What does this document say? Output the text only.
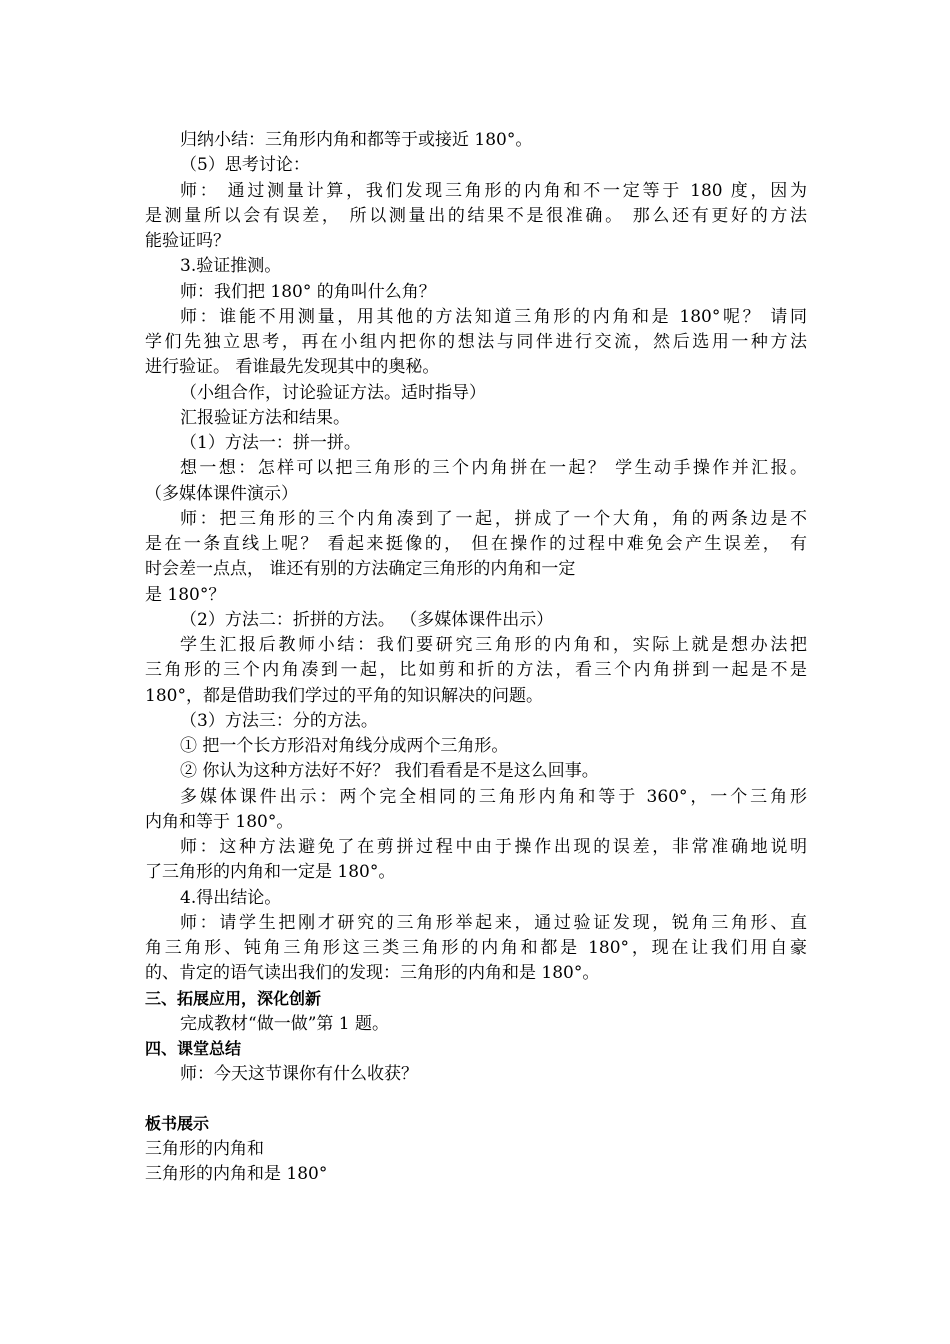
归纳小结：三角形内角和都等于或接近 180°。
（5）思考讨论：
师： 通过测量计算，我们发现三角形的内角和不一定等于 180 度，因为
是测量所以会有误差， 所以测量出的结果不是很准确。 那么还有更好的方法
能验证吗？
3.验证推测。
师：我们把 180° 的角叫什么角？
师：谁能不用测量，用其他的方法知道三角形的内角和是 180°呢？ 请同
学们先独立思考，再在小组内把你的想法与同伴进行交流，然后选用一种方法
进行验证。 看谁最先发现其中的奥秘。
（小组合作，讨论验证方法。适时指导）
汇报验证方法和结果。
（1）方法一：拼一拼。
想一想：怎样可以把三角形的三个内角拼在一起？ 学生动手操作并汇报。
（多媒体课件演示）
师：把三角形的三个内角凑到了一起，拼成了一个大角，角的两条边是不
是在一条直线上呢？ 看起来挺像的， 但在操作的过程中难免会产生误差， 有
时会差一点点， 谁还有别的方法确定三角形的内角和一定
是 180°？
（2）方法二：折拼的方法。 （多媒体课件出示）
学生汇报后教师小结：我们要研究三角形的内角和，实际上就是想办法把
三角形的三个内角凑到一起，比如剪和折的方法，看三个内角拼到一起是不是
180°，都是借助我们学过的平角的知识解决的问题。
（3）方法三：分的方法。
① 把一个长方形沿对角线分成两个三角形。
② 你认为这种方法好不好？ 我们看看是不是这么回事。
多媒体课件出示：两个完全相同的三角形内角和等于 360°，一个三角形
内角和等于 180°。
师：这种方法避免了在剪拼过程中由于操作出现的误差，非常准确地说明
了三角形的内角和一定是 180°。
4.得出结论。
师：请学生把刚才研究的三角形举起来，通过验证发现，锐角三角形、直
角三角形、钝角三角形这三类三角形的内角和都是 180°，现在让我们用自豪
的、肯定的语气读出我们的发现：三角形的内角和是 180°。
三、拓展应用，深化创新
完成教材“做一做”第 1 题。
四、课堂总结
师：今天这节课你有什么收获？
板书展示
三角形的内角和
三角形的内角和是 180°
